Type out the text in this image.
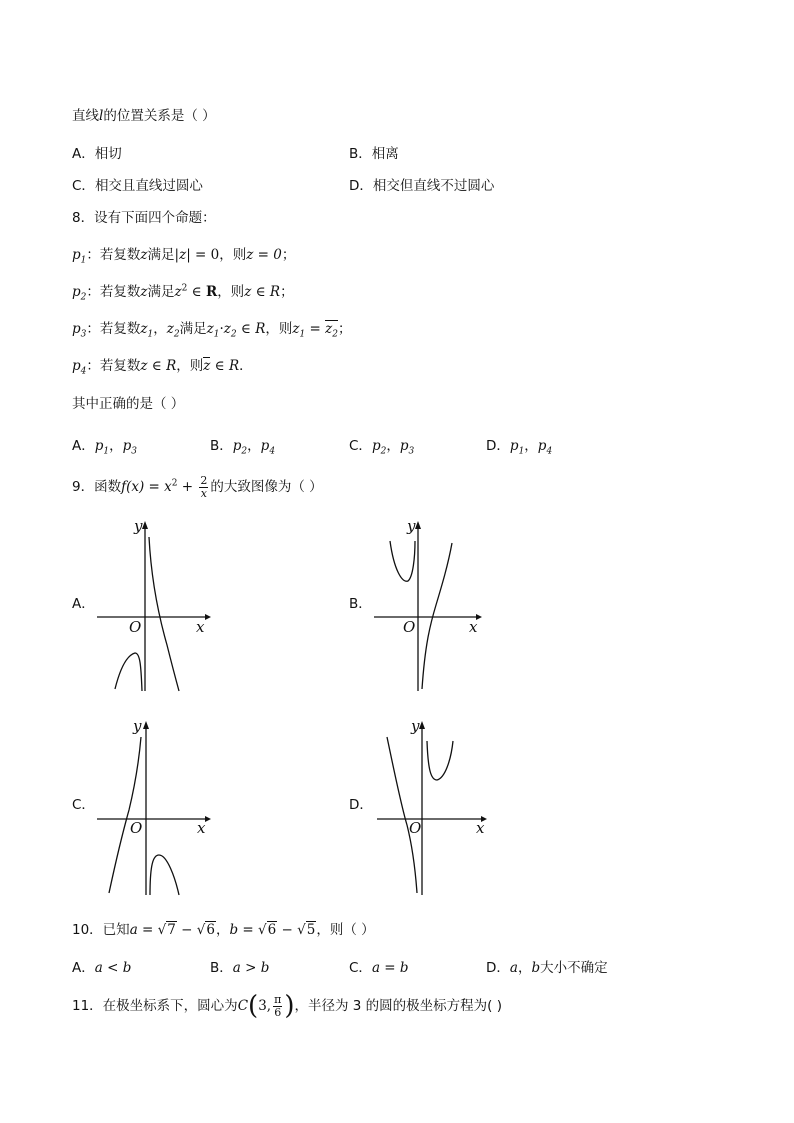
直线l的位置关系是（ ）
A．相切	B．相离
C．相交且直线过圆心	D．相交但直线不过圆心
8．设有下面四个命题：
$p_1$：若复数z满足|z| = 0，则z = 0；
$p_2$：若复数z满足$z^2$ ∈ R，则z ∈ R；
$p_3$：若复数$z_1$，$z_2$满足$z_1\cdot z_2$ ∈ R，则$z_1 = z_2$；
$p_4$：若复数z ∈ R，则z ∈ R．
其中正确的是（ ）
A．$p_1$，$p_3$	B．$p_2$，$p_4$	C．$p_2$，$p_3$	D．$p_1$，$p_4$
9．函数$f(x) = x^2 + \frac{2}{x}$ 的大致图像为（ ）
A．	B．
C．	D．
y
x
O
y
x
O
y
x
O
y
x
O
10．已知a = √7 − √6，b = √6 − √5，则（ ）
A．a < b	B．a > b	C．a = b	D．a，b大小不确定
11．在极坐标系下，圆心为C(3, $\frac{\pi}{6}$ )，半径为 3 的圆的极坐标方程为( )
